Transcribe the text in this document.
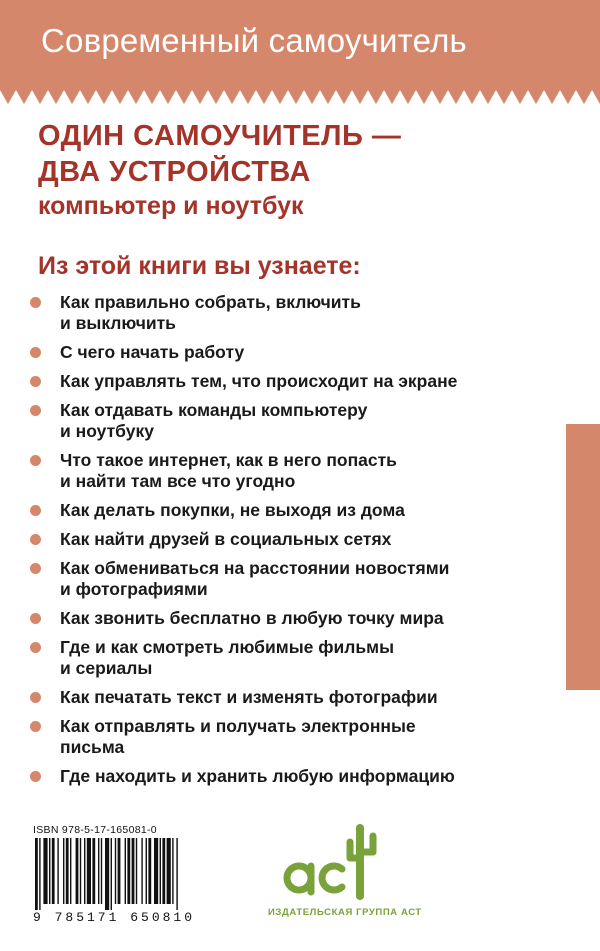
Современный самоучитель
ОДИН САМОУЧИТЕЛЬ —
ДВА УСТРОЙСТВА
компьютер и ноутбук
Из этой книги вы узнаете:
Как правильно собрать, включить
и выключить
С чего начать работу
Как управлять тем, что происходит на экране
Как отдавать команды компьютеру
и ноутбуку
Что такое интернет, как в него попасть
и найти там все что угодно
Как делать покупки, не выходя из дома
Как найти друзей в социальных сетях
Как обмениваться на расстоянии новостями
и фотографиями
Как звонить бесплатно в любую точку мира
Где и как смотреть любимые фильмы
и сериалы
Как печатать текст и изменять фотографии
Как отправлять и получать электронные
письма
Где находить и хранить любую информацию
ISBN 978-5-17-165081-0
9 785171 650810	ИЗДАТЕЛЬСКАЯ ГРУППА АСТ
